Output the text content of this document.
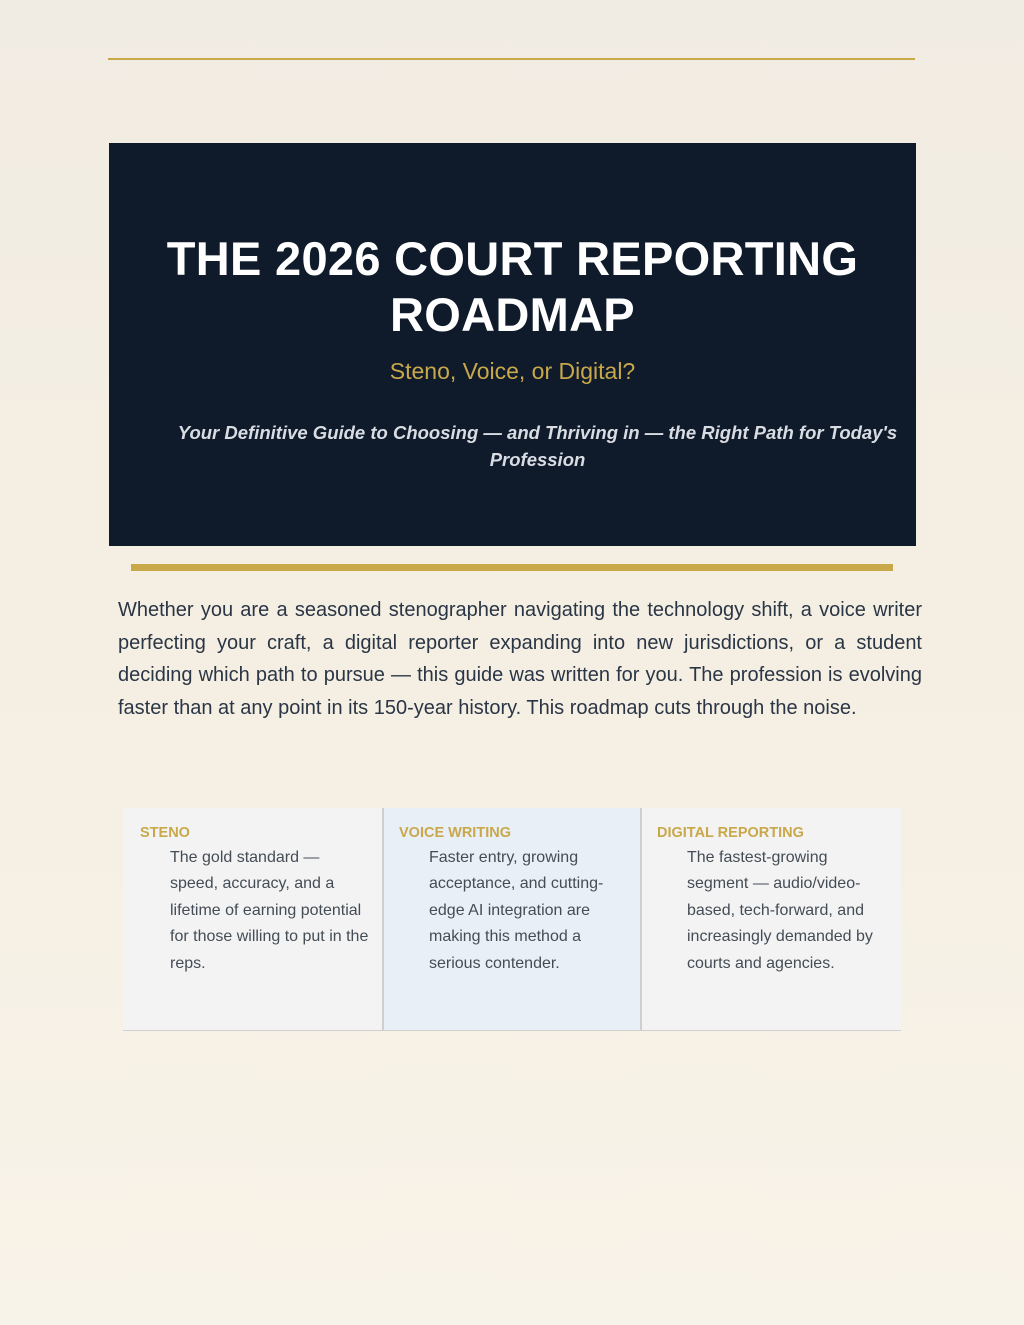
THE 2026 COURT REPORTING ROADMAP
Steno, Voice, or Digital?
Your Definitive Guide to Choosing — and Thriving in — the Right Path for Today's Profession

Whether you are a seasoned stenographer navigating the technology shift, a voice writer perfecting your craft, a digital reporter expanding into new jurisdictions, or a student deciding which path to pursue — this guide was written for you. The profession is evolving faster than at any point in its 150-year history. This roadmap cuts through the noise.

STENO

The gold standard — speed, accuracy, and a lifetime of earning potential for those willing to put in the reps.

VOICE WRITING

Faster entry, growing acceptance, and cutting-edge AI integration are making this method a serious contender.

DIGITAL REPORTING

The fastest-growing segment — audio/video-based, tech-forward, and increasingly demanded by courts and agencies.
